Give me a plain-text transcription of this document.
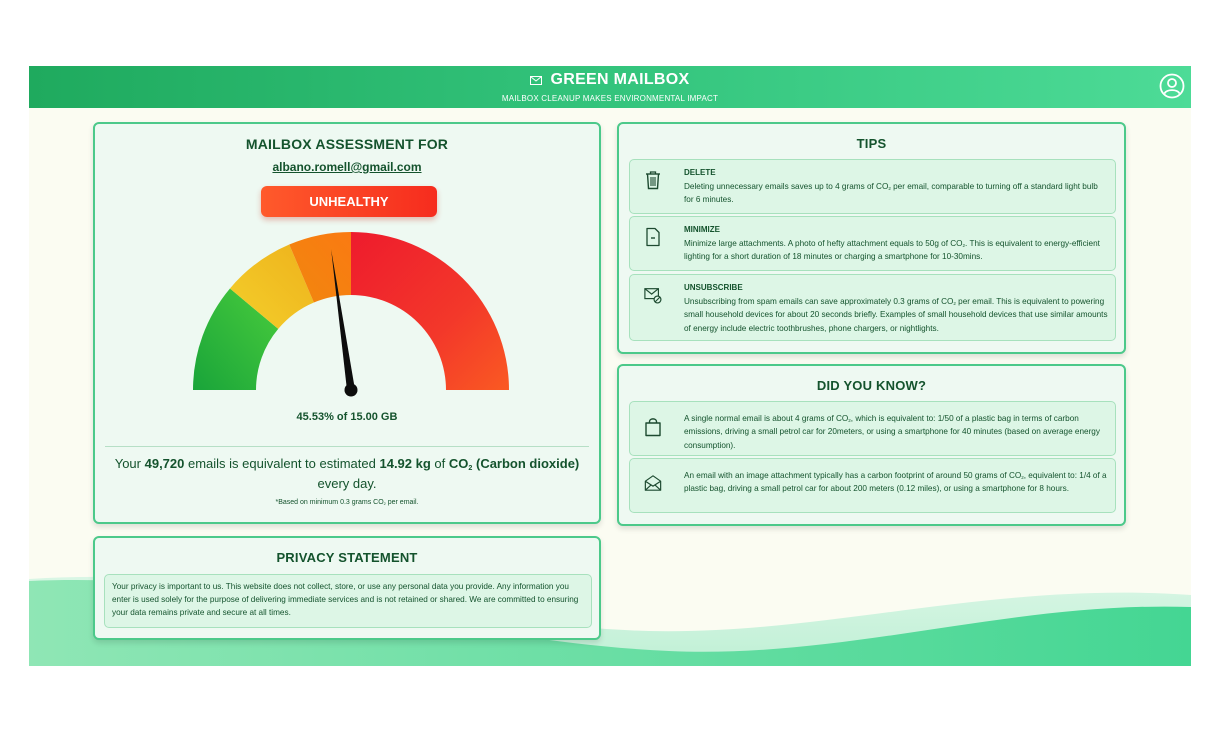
GREEN MAILBOX
MAILBOX CLEANUP MAKES ENVIRONMENTAL IMPACT
MAILBOX ASSESSMENT FOR
albano.romell@gmail.com
UNHEALTHY
45.53% of 15.00 GB
Your 49,720 emails is equivalent to estimated 14.92 kg of $CO_2$ (Carbon dioxide)
every day.
*Based on minimum 0.3 grams $CO_2$ per email.
PRIVACY STATEMENT
Your privacy is important to us. This website does not collect, store, or use any personal data you provide. Any information you enter is used solely for the purpose of delivering immediate services and is not retained or shared. We are committed to ensuring your data remains private and secure at all times.
TIPS
DELETE
Deleting unnecessary emails saves up to 4 grams of $CO_2$ per email, comparable to turning off a standard light bulb for 6 minutes.
MINIMIZE
Minimize large attachments. A photo of hefty attachment equals to 50g of $CO_2$. This is equivalent to energy-efficient lighting for a short duration of 18 minutes or charging a smartphone for 10-30mins.
UNSUBSCRIBE
Unsubscribing from spam emails can save approximately 0.3 grams of $CO_2$ per email. This is equivalent to powering small household devices for about 20 seconds briefly. Examples of small household devices that use similar amounts of energy include electric toothbrushes, phone chargers, or nightlights.
DID YOU KNOW?
A single normal email is about 4 grams of $CO_2$, which is equivalent to: 1/50 of a plastic bag in terms of carbon emissions, driving a small petrol car for 20meters, or using a smartphone for 40 minutes (based on average energy consumption).
An email with an image attachment typically has a carbon footprint of around 50 grams of $CO_2$, equivalent to: 1/4 of a plastic bag, driving a small petrol car for about 200 meters (0.12 miles), or using a smartphone for 8 hours.
